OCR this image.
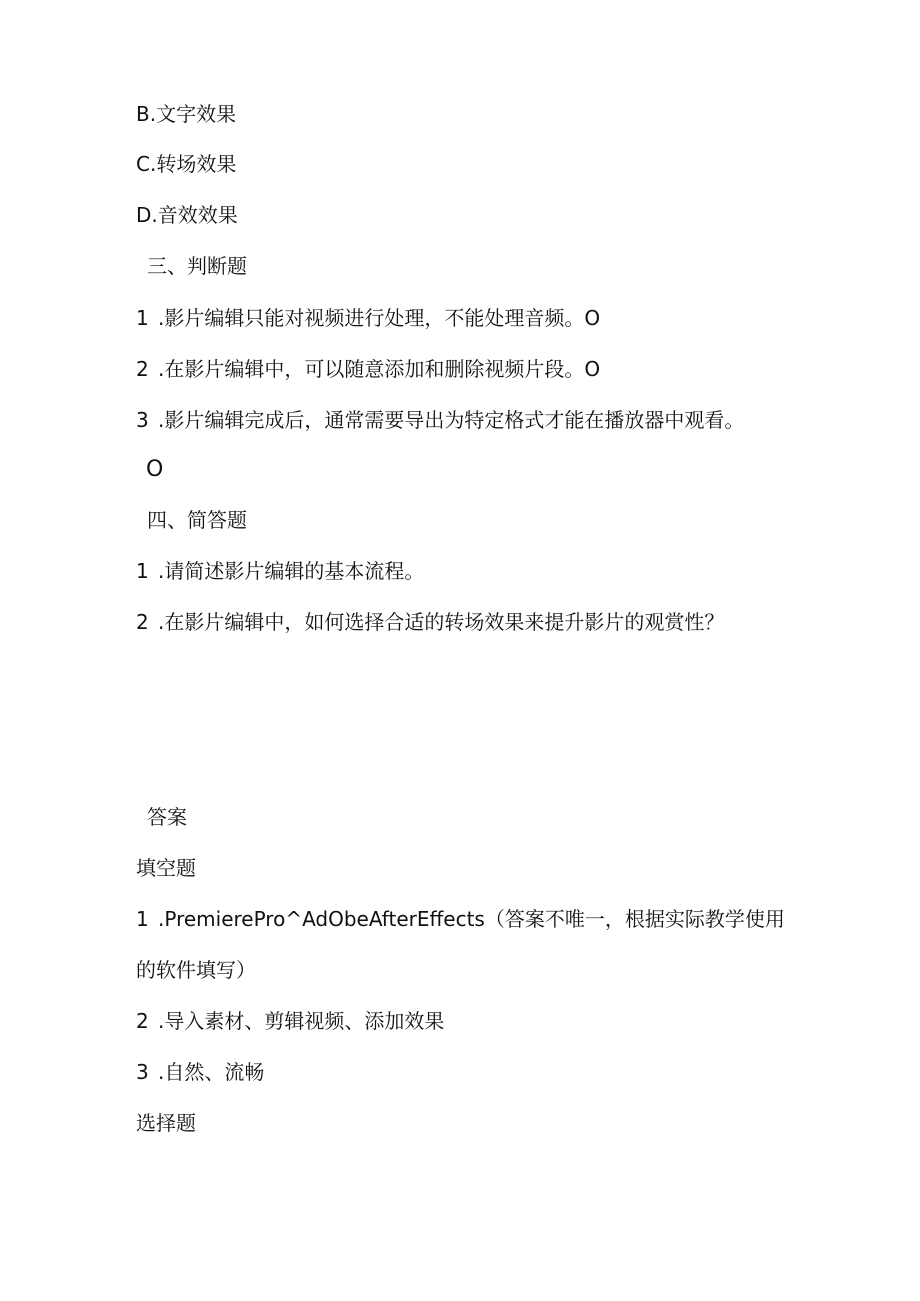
B.文字效果
C.转场效果
D.音效效果
三、判断题
1 .影片编辑只能对视频进行处理，不能处理音频。O
2 .在影片编辑中，可以随意添加和删除视频片段。O
3 .影片编辑完成后，通常需要导出为特定格式才能在播放器中观看。
O
四、简答题
1 .请简述影片编辑的基本流程。
2 .在影片编辑中，如何选择合适的转场效果来提升影片的观赏性？
答案
填空题
1 .PremierePro^AdObeAfterEffects（答案不唯一，根据实际教学使用
的软件填写）
2 .导入素材、剪辑视频、添加效果
3 .自然、流畅
选择题
